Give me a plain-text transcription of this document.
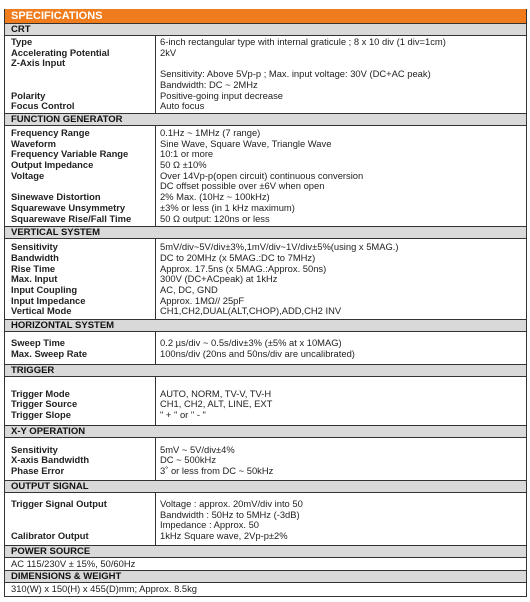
SPECIFICATIONS
CRT
Type	6-inch rectangular type with internal graticule ; 8 x 10 div (1 div=1cm)
Accelerating Potential	2kV
Z-Axis Input
Sensitivity: Above 5Vp-p ; Max. input voltage: 30V (DC+AC peak)
Bandwidth: DC ~ 2MHz
Polarity	Positive-going input decrease
Focus Control	Auto focus
FUNCTION GENERATOR
Frequency Range	0.1Hz ~ 1MHz (7 range)
Waveform	Sine Wave, Square Wave, Triangle Wave
Frequency Variable Range	10:1 or more
Output Impedance	50 Ω ±10%
Voltage	Over 14Vp-p(open circuit) continuous conversion
DC offset possible over ±6V when open
Sinewave Distortion	2% Max. (10Hz ~ 100kHz)
Squarewave Unsymmetry	±3% or less (in 1 kHz maximum)
Squarewave Rise/Fall Time	50 Ω output: 120ns or less
VERTICAL SYSTEM
Sensitivity	5mV/div~5V/div±3%,1mV/div~1V/div±5%(using x 5MAG.)
Bandwidth	DC to 20MHz (x 5MAG.:DC to 7MHz)
Rise Time	Approx. 17.5ns (x 5MAG.:Approx. 50ns)
Max. Input	300V (DC+ACpeak) at 1kHz
Input Coupling	AC, DC, GND
Input Impedance	Approx. 1MΩ// 25pF
Vertical Mode	CH1,CH2,DUAL(ALT,CHOP),ADD,CH2 INV
HORIZONTAL SYSTEM
Sweep Time	0.2 µs/div ~ 0.5s/div±3% (±5% at x 10MAG)
Max. Sweep Rate	100ns/div (20ns and 50ns/div are uncalibrated)
TRIGGER
Trigger Mode	AUTO, NORM, TV-V, TV-H
Trigger Source	CH1, CH2, ALT, LINE, EXT
Trigger Slope	" + " or " - "
X-Y OPERATION
Sensitivity	5mV ~ 5V/div±4%
X-axis Bandwidth	DC ~ 500kHz
Phase Error	3˚ or less from DC ~ 50kHz
OUTPUT SIGNAL
Trigger Signal Output	Voltage : approx. 20mV/div into 50
Bandwidth : 50Hz to 5MHz (-3dB)
Impedance : Approx. 50
Calibrator Output	1kHz Square wave, 2Vp-p±2%
POWER SOURCE
AC 115/230V ± 15%, 50/60Hz
DIMENSIONS & WEIGHT
310(W) x 150(H) x 455(D)mm; Approx. 8.5kg
